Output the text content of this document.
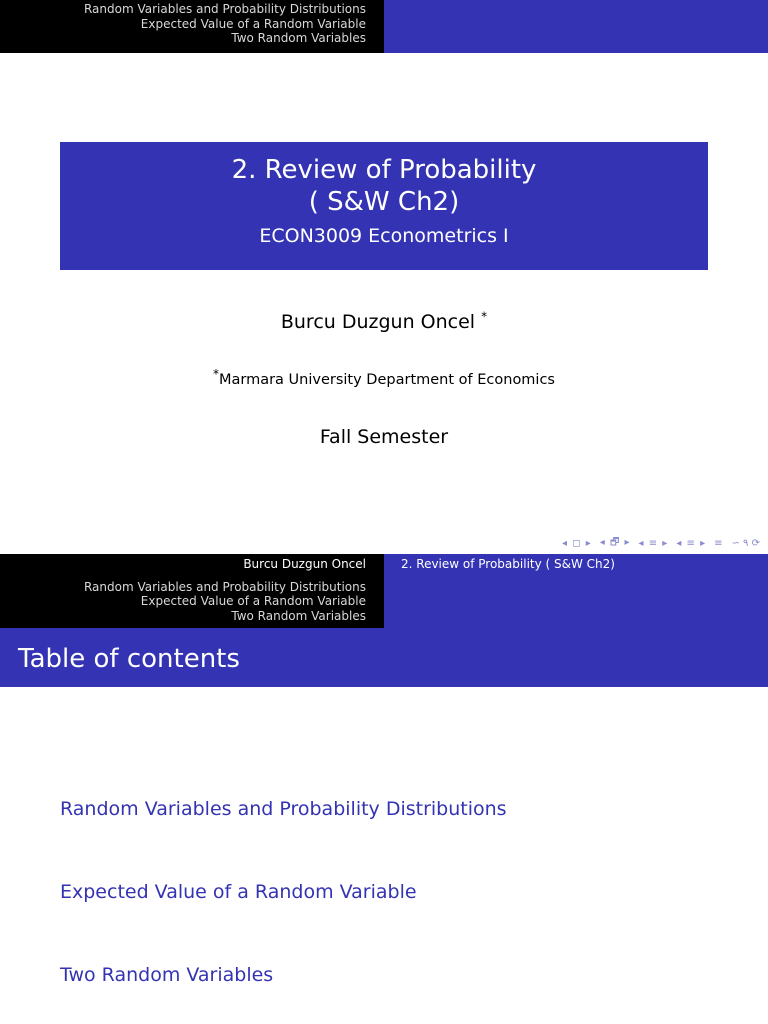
Random Variables and Probability Distributions
Expected Value of a Random Variable
Two Random Variables
2. Review of Probability
( S&W Ch2)
ECON3009 Econometrics I
Burcu Duzgun Oncel *
*Marmara University Department of Economics
Fall Semester
◂ ◻ ▸ ◂ 🗗 ▸ ◂ ≡ ▸ ◂ ≡ ▸ ≡ ∽ ۹ ⟳
Burcu Duzgun Oncel
Random Variables and Probability Distributions
Expected Value of a Random Variable
Two Random Variables
2. Review of Probability ( S&W Ch2)
Table of contents
Random Variables and Probability Distributions
Expected Value of a Random Variable
Two Random Variables
